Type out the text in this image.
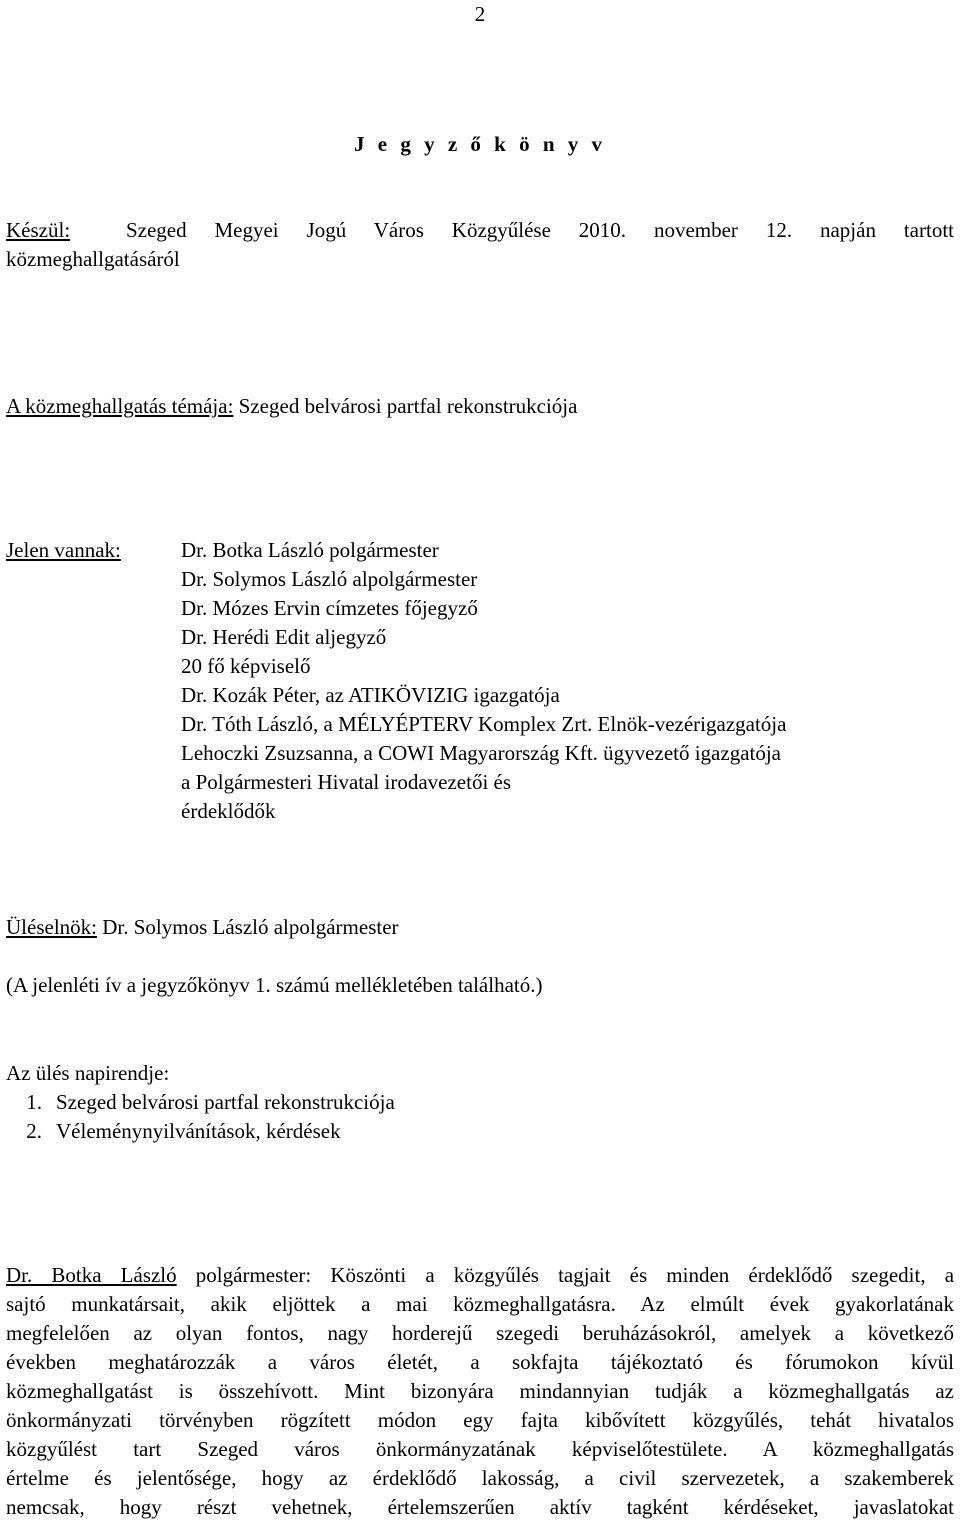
2
J e g y z ő k ö n y v
Készül:	Szeged Megyei Jogú Város Közgyűlése 2010. november 12. napján tartott
közmeghallgatásáról
A közmeghallgatás témája: Szeged belvárosi partfal rekonstrukciója
Jelen vannak:	Dr. Botka László polgármester
Dr. Solymos László alpolgármester
Dr. Mózes Ervin címzetes főjegyző
Dr. Herédi Edit aljegyző
20 fő képviselő
Dr. Kozák Péter, az ATIKÖVIZIG igazgatója
Dr. Tóth László, a MÉLYÉPTERV Komplex Zrt. Elnök-vezérigazgatója
Lehoczki Zsuzsanna, a COWI Magyarország Kft. ügyvezető igazgatója
a Polgármesteri Hivatal irodavezetői és
érdeklődők
Üléselnök: Dr. Solymos László alpolgármester
(A jelenléti ív a jegyzőkönyv 1. számú mellékletében található.)
Az ülés napirendje:
1. Szeged belvárosi partfal rekonstrukciója
2. Véleménynyilvánítások, kérdések
Dr. Botka László polgármester: Köszönti a közgyűlés tagjait és minden érdeklődő szegedit, a
sajtó munkatársait, akik eljöttek a mai közmeghallgatásra. Az elmúlt évek gyakorlatának
megfelelően az olyan fontos, nagy horderejű szegedi beruházásokról, amelyek a következő
években meghatározzák a város életét, a sokfajta tájékoztató és fórumokon kívül
közmeghallgatást is összehívott. Mint bizonyára mindannyian tudják a közmeghallgatás az
önkormányzati törvényben rögzített módon egy fajta kibővített közgyűlés, tehát hivatalos
közgyűlést tart Szeged város önkormányzatának képviselőtestülete. A közmeghallgatás
értelme és jelentősége, hogy az érdeklődő lakosság, a civil szervezetek, a szakemberek
nemcsak, hogy részt vehetnek, értelemszerűen aktív tagként kérdéseket, javaslatokat
